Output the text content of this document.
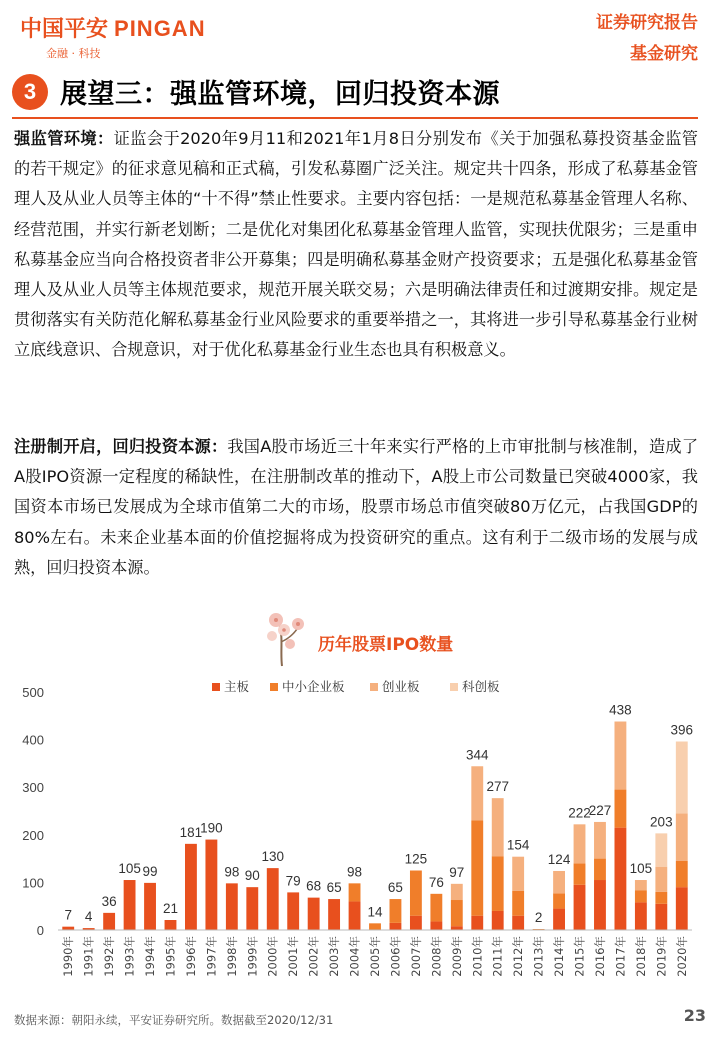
中国平安 PINGAN
金融 · 科技
证券研究报告
基金研究
3 展望三：强监管环境，回归投资本源
强监管环境：证监会于2020年9月11和2021年1月8日分别发布《关于加强私募投资基金监管的若干规定》的征求意见稿和正式稿，引发私募圈广泛关注。规定共十四条，形成了私募基金管理人及从业人员等主体的“十不得”禁止性要求。主要内容包括：一是规范私募基金管理人名称、经营范围，并实行新老划断；二是优化对集团化私募基金管理人监管，实现扶优限劣；三是重申私募基金应当向合格投资者非公开募集；四是明确私募基金财产投资要求；五是强化私募基金管理人及从业人员等主体规范要求，规范开展关联交易；六是明确法律责任和过渡期安排。规定是贯彻落实有关防范化解私募基金行业风险要求的重要举措之一，其将进一步引导私募基金行业树立底线意识、合规意识，对于优化私募基金行业生态也具有积极意义。
注册制开启，回归投资本源：我国A股市场近三十年来实行严格的上市审批制与核准制，造成了A股IPO资源一定程度的稀缺性，在注册制改革的推动下，A股上市公司数量已突破4000家，我国资本市场已发展成为全球市值第二大的市场，股票市场总市值突破80万亿元，占我国GDP的80%左右。未来企业基本面的价值挖掘将成为投资研究的重点。这有利于二级市场的发展与成熟，回归投资本源。
历年股票IPO数量
0
100
200
300
400
500
7 4
36
105 99
21
181
190
98 90
130
79 68 65
98
14
65
125
76
97
344
277
154
2
124
222
227
438
105
203
396
1990年 1991年 1992年 1993年 1994年 1995年 1996年 1997年 1998年 1999年 2000年 2001年 2002年 2003年 2004年 2005年 2006年 2007年 2008年 2009年 2010年 2011年 2012年 2013年 2014年 2015年 2016年 2017年 2018年 2019年 2020年
主板	中小企业板	创业板	科创板
数据来源：朝阳永续，平安证券研究所。数据截至2020/12/31	23
